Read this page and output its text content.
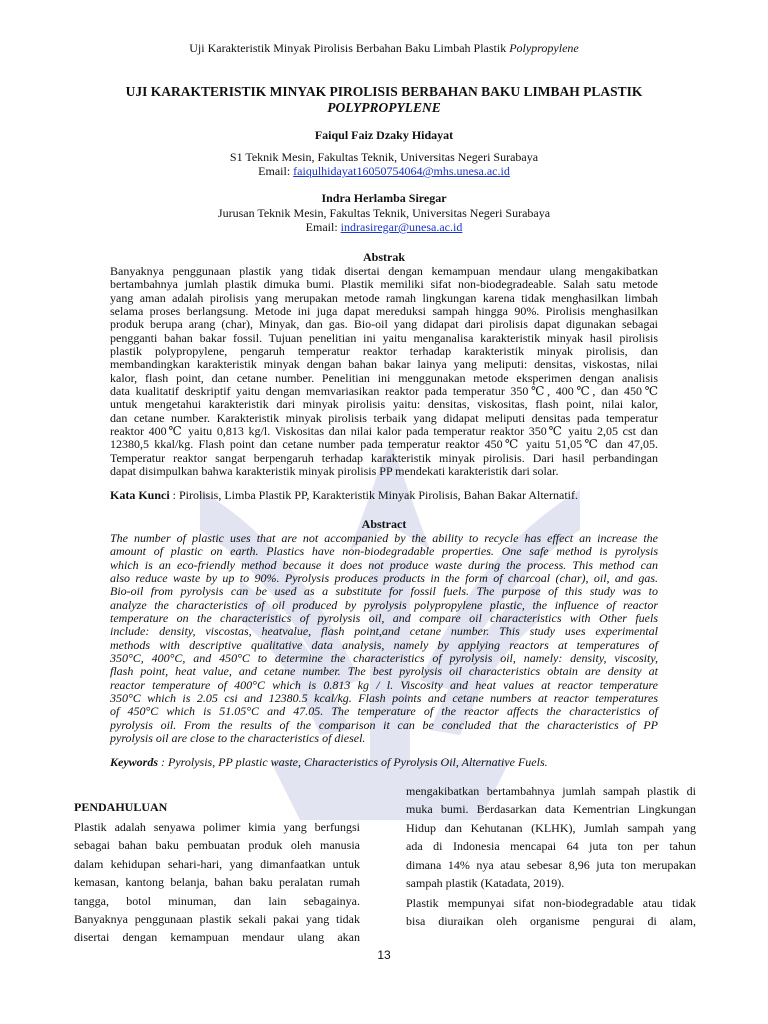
Uji Karakteristik Minyak Pirolisis Berbahan Baku Limbah Plastik Polypropylene
UJI KARAKTERISTIK MINYAK PIROLISIS BERBAHAN BAKU LIMBAH PLASTIK
POLYPROPYLENE
Faiqul Faiz Dzaky Hidayat
S1 Teknik Mesin, Fakultas Teknik, Universitas Negeri Surabaya
Email: faiqulhidayat16050754064@mhs.unesa.ac.id
Indra Herlamba Siregar
Jurusan Teknik Mesin, Fakultas Teknik, Universitas Negeri Surabaya
Email: indrasiregar@unesa.ac.id
Abstrak
Banyaknya penggunaan plastik yang tidak disertai dengan kemampuan mendaur ulang mengakibatkan
bertambahnya jumlah plastik dimuka bumi. Plastik memiliki sifat non-biodegradeable. Salah satu metode
yang aman adalah pirolisis yang merupakan metode ramah lingkungan karena tidak menghasilkan limbah
selama proses berlangsung. Metode ini juga dapat mereduksi sampah hingga 90%. Pirolisis menghasilkan
produk berupa arang (char), Minyak, dan gas. Bio-oil yang didapat dari pirolisis dapat digunakan sebagai
pengganti bahan bakar fossil. Tujuan penelitian ini yaitu menganalisa karakteristik minyak hasil pirolisis
plastik polypropylene, pengaruh temperatur reaktor terhadap karakteristik minyak pirolisis, dan
membandingkan karakteristik minyak dengan bahan bakar lainya yang meliputi: densitas, viskostas, nilai
kalor, flash point, dan cetane number. Penelitian ini menggunakan metode eksperimen dengan analisis
data kualitatif deskriptif yaitu dengan memvariasikan reaktor pada temperatur 350℃, 400℃, dan 450℃
untuk mengetahui karakteristik dari minyak pirolisis yaitu: densitas, viskositas, flash point, nilai kalor,
dan cetane number. Karakteristik minyak pirolisis terbaik yang didapat meliputi densitas pada temperatur
reaktor 400℃ yaitu 0,813 kg/l. Viskositas dan nilai kalor pada temperatur reaktor 350℃ yaitu 2,05 cst dan
12380,5 kkal/kg. Flash point dan cetane number pada temperatur reaktor 450℃ yaitu 51,05℃ dan 47,05.
Temperatur reaktor sangat berpengaruh terhadap karakteristik minyak pirolisis. Dari hasil perbandingan
dapat disimpulkan bahwa karakteristik minyak pirolisis PP mendekati karakteristik dari solar.
Kata Kunci : Pirolisis, Limba Plastik PP, Karakteristik Minyak Pirolisis, Bahan Bakar Alternatif.
Abstract
The number of plastic uses that are not accompanied by the ability to recycle has effect an increase the
amount of plastic on earth. Plastics have non-biodegradable properties. One safe method is pyrolysis
which is an eco-friendly method because it does not produce waste during the process. This method can
also reduce waste by up to 90%. Pyrolysis produces products in the form of charcoal (char), oil, and gas.
Bio-oil from pyrolysis can be used as a substitute for fossil fuels. The purpose of this study was to
analyze the characteristics of oil produced by pyrolysis polypropylene plastic, the influence of reactor
temperature on the characteristics of pyrolysis oil, and compare oil characteristics with Other fuels
include: density, viscostas, heatvalue, flash point,and cetane number. This study uses experimental
methods with descriptive qualitative data analysis, namely by applying reactors at temperatures of
350°C, 400°C, and 450°C to determine the characteristics of pyrolysis oil, namely: density, viscosity,
flash point, heat value, and cetane number. The best pyrolysis oil characteristics obtain are density at
reactor temperature of 400°C which is 0.813 kg / l. Viscosity and heat values at reactor temperature
350°C which is 2.05 csi and 12380.5 kcal/kg. Flash points and cetane numbers at reactor temperatures
of 450°C which is 51.05°C and 47.05. The temperature of the reactor affects the characteristics of
pyrolysis oil. From the results of the comparison it can be concluded that the characteristics of PP
pyrolysis oil are close to the characteristics of diesel.
Keywords : Pyrolysis, PP plastic waste, Characteristics of Pyrolysis Oil, Alternative Fuels.
PENDAHULUAN
Plastik adalah senyawa polimer kimia yang berfungsi
sebagai bahan baku pembuatan produk oleh manusia
dalam kehidupan sehari-hari, yang dimanfaatkan untuk
kemasan, kantong belanja, bahan baku peralatan rumah
tangga, botol minuman, dan lain sebagainya.
Banyaknya penggunaan plastik sekali pakai yang tidak
disertai dengan kemampuan mendaur ulang akan
mengakibatkan bertambahnya jumlah sampah plastik di
muka bumi. Berdasarkan data Kementrian Lingkungan
Hidup dan Kehutanan (KLHK), Jumlah sampah yang
ada di Indonesia mencapai 64 juta ton per tahun
dimana 14% nya atau sebesar 8,96 juta ton merupakan
sampah plastik (Katadata, 2019).
Plastik mempunyai sifat non-biodegradable atau tidak
bisa diuraikan oleh organisme pengurai di alam,
13
